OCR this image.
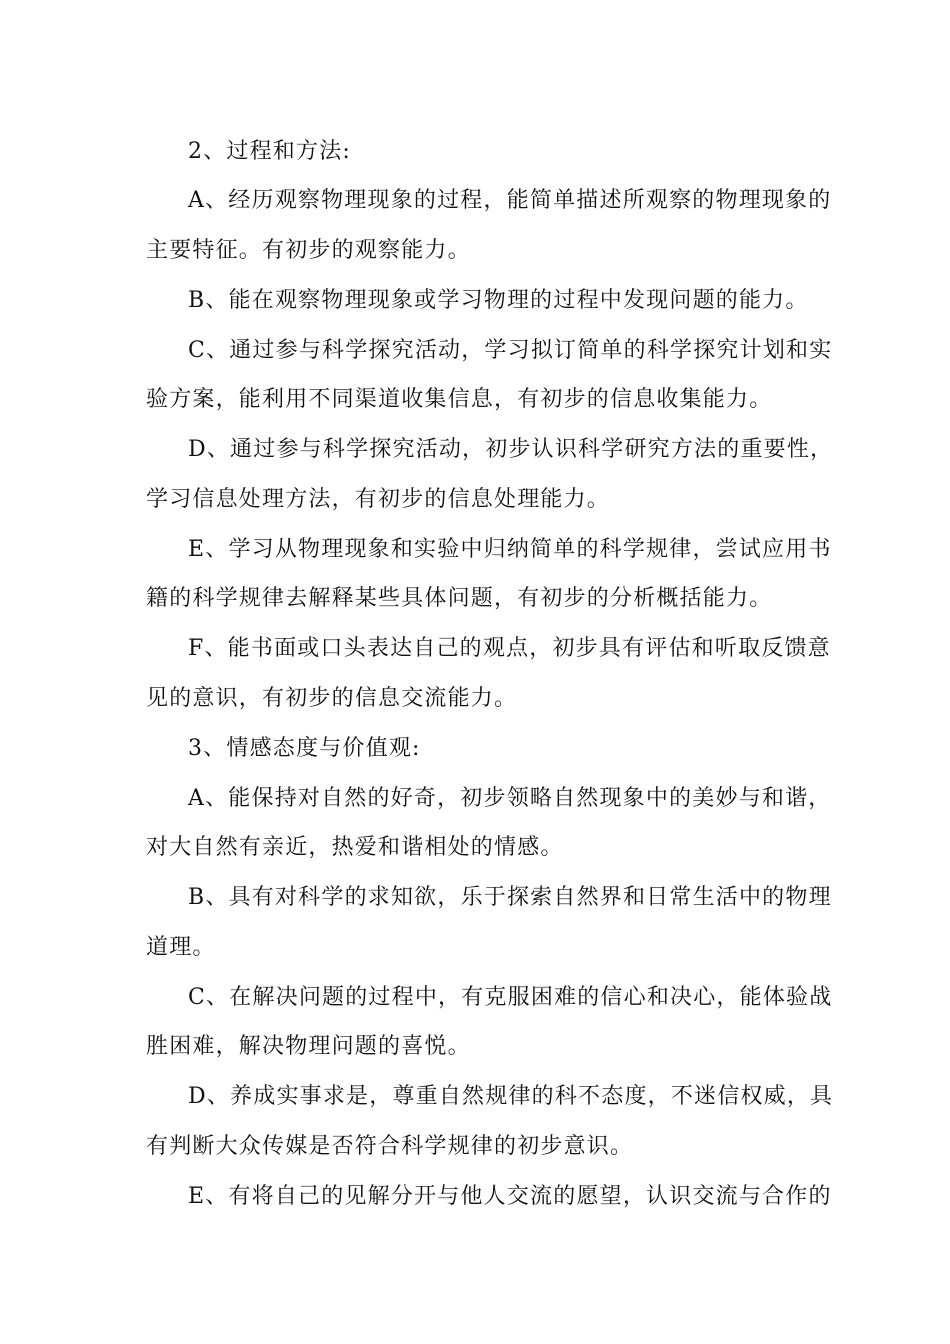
2、过程和方法:
A、经历观察物理现象的过程，能简单描述所观察的物理现象的
主要特征。有初步的观察能力。
B、能在观察物理现象或学习物理的过程中发现问题的能力。
C、通过参与科学探究活动，学习拟订简单的科学探究计划和实
验方案，能利用不同渠道收集信息，有初步的信息收集能力。
D、通过参与科学探究活动，初步认识科学研究方法的重要性，
学习信息处理方法，有初步的信息处理能力。
E、学习从物理现象和实验中归纳简单的科学规律，尝试应用书
籍的科学规律去解释某些具体问题，有初步的分析概括能力。
F、能书面或口头表达自己的观点，初步具有评估和听取反馈意
见的意识，有初步的信息交流能力。
3、情感态度与价值观:
A、能保持对自然的好奇，初步领略自然现象中的美妙与和谐，
对大自然有亲近，热爱和谐相处的情感。
B、具有对科学的求知欲，乐于探索自然界和日常生活中的物理
道理。
C、在解决问题的过程中，有克服困难的信心和决心，能体验战
胜困难，解决物理问题的喜悦。
D、养成实事求是，尊重自然规律的科不态度，不迷信权威，具
有判断大众传媒是否符合科学规律的初步意识。
E、有将自己的见解分开与他人交流的愿望，认识交流与合作的
